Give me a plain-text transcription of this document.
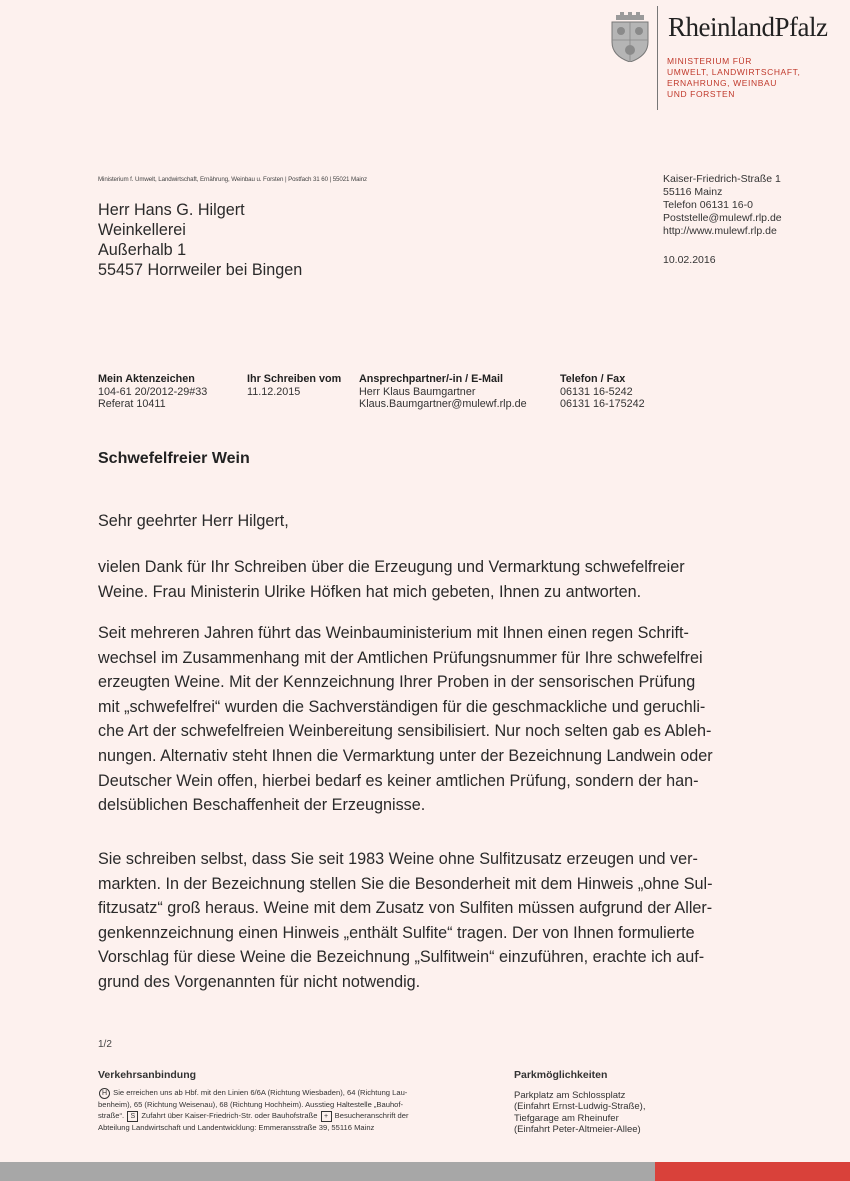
RheinlandPfalz
MINISTERIUM FÜR
UMWELT, LANDWIRTSCHAFT,
ERNAHRUNG, WEINBAU
UND FORSTEN
Ministerium f. Umwelt, Landwirtschaft, Ernährung, Weinbau u. Forsten | Postfach 31 60 | 55021 Mainz
Herr Hans G. Hilgert
Weinkellerei
Außerhalb 1
55457 Horrweiler bei Bingen
Kaiser-Friedrich-Straße 1
55116 Mainz
Telefon 06131 16-0
Poststelle@mulewf.rlp.de
http://www.mulewf.rlp.de
10.02.2016
Mein Aktenzeichen
104-61 20/2012-29#33
Referat 10411
Ihr Schreiben vom
11.12.2015
Ansprechpartner/-in / E-Mail
Herr Klaus Baumgartner
Klaus.Baumgartner@mulewf.rlp.de
Telefon / Fax
06131 16-5242
06131 16-175242
Schwefelfreier Wein
Sehr geehrter Herr Hilgert,
vielen Dank für Ihr Schreiben über die Erzeugung und Vermarktung schwefelfreier
Weine. Frau Ministerin Ulrike Höfken hat mich gebeten, Ihnen zu antworten.
Seit mehreren Jahren führt das Weinbauministerium mit Ihnen einen regen Schrift-
wechsel im Zusammenhang mit der Amtlichen Prüfungsnummer für Ihre schwefelfrei
erzeugten Weine. Mit der Kennzeichnung Ihrer Proben in der sensorischen Prüfung
mit „schwefelfrei“ wurden die Sachverständigen für die geschmackliche und geruchli-
che Art der schwefelfreien Weinbereitung sensibilisiert. Nur noch selten gab es Ableh-
nungen. Alternativ steht Ihnen die Vermarktung unter der Bezeichnung Landwein oder
Deutscher Wein offen, hierbei bedarf es keiner amtlichen Prüfung, sondern der han-
delsüblichen Beschaffenheit der Erzeugnisse.
Sie schreiben selbst, dass Sie seit 1983 Weine ohne Sulfitzusatz erzeugen und ver-
markten. In der Bezeichnung stellen Sie die Besonderheit mit dem Hinweis „ohne Sul-
fitzusatz“ groß heraus. Weine mit dem Zusatz von Sulfiten müssen aufgrund der Aller-
genkennzeichnung einen Hinweis „enthält Sulfite“ tragen. Der von Ihnen formulierte
Vorschlag für diese Weine die Bezeichnung „Sulfitwein“ einzuführen, erachte ich auf-
grund des Vorgenannten für nicht notwendig.
1/2
Verkehrsanbindung
H Sie erreichen uns ab Hbf. mit den Linien 6/6A (Richtung Wiesbaden), 64 (Richtung Lau-
benheim), 65 (Richtung Weisenau), 68 (Richtung Hochheim). Ausstieg Haltestelle „Bauhof-
straße“. S Zufahrt über Kaiser-Friedrich-Str. oder Bauhofstraße + Besucheranschrift der
Abteilung Landwirtschaft und Landentwicklung: Emmeransstraße 39, 55116 Mainz
Parkmöglichkeiten
Parkplatz am Schlossplatz
(Einfahrt Ernst-Ludwig-Straße),
Tiefgarage am Rheinufer
(Einfahrt Peter-Altmeier-Allee)
